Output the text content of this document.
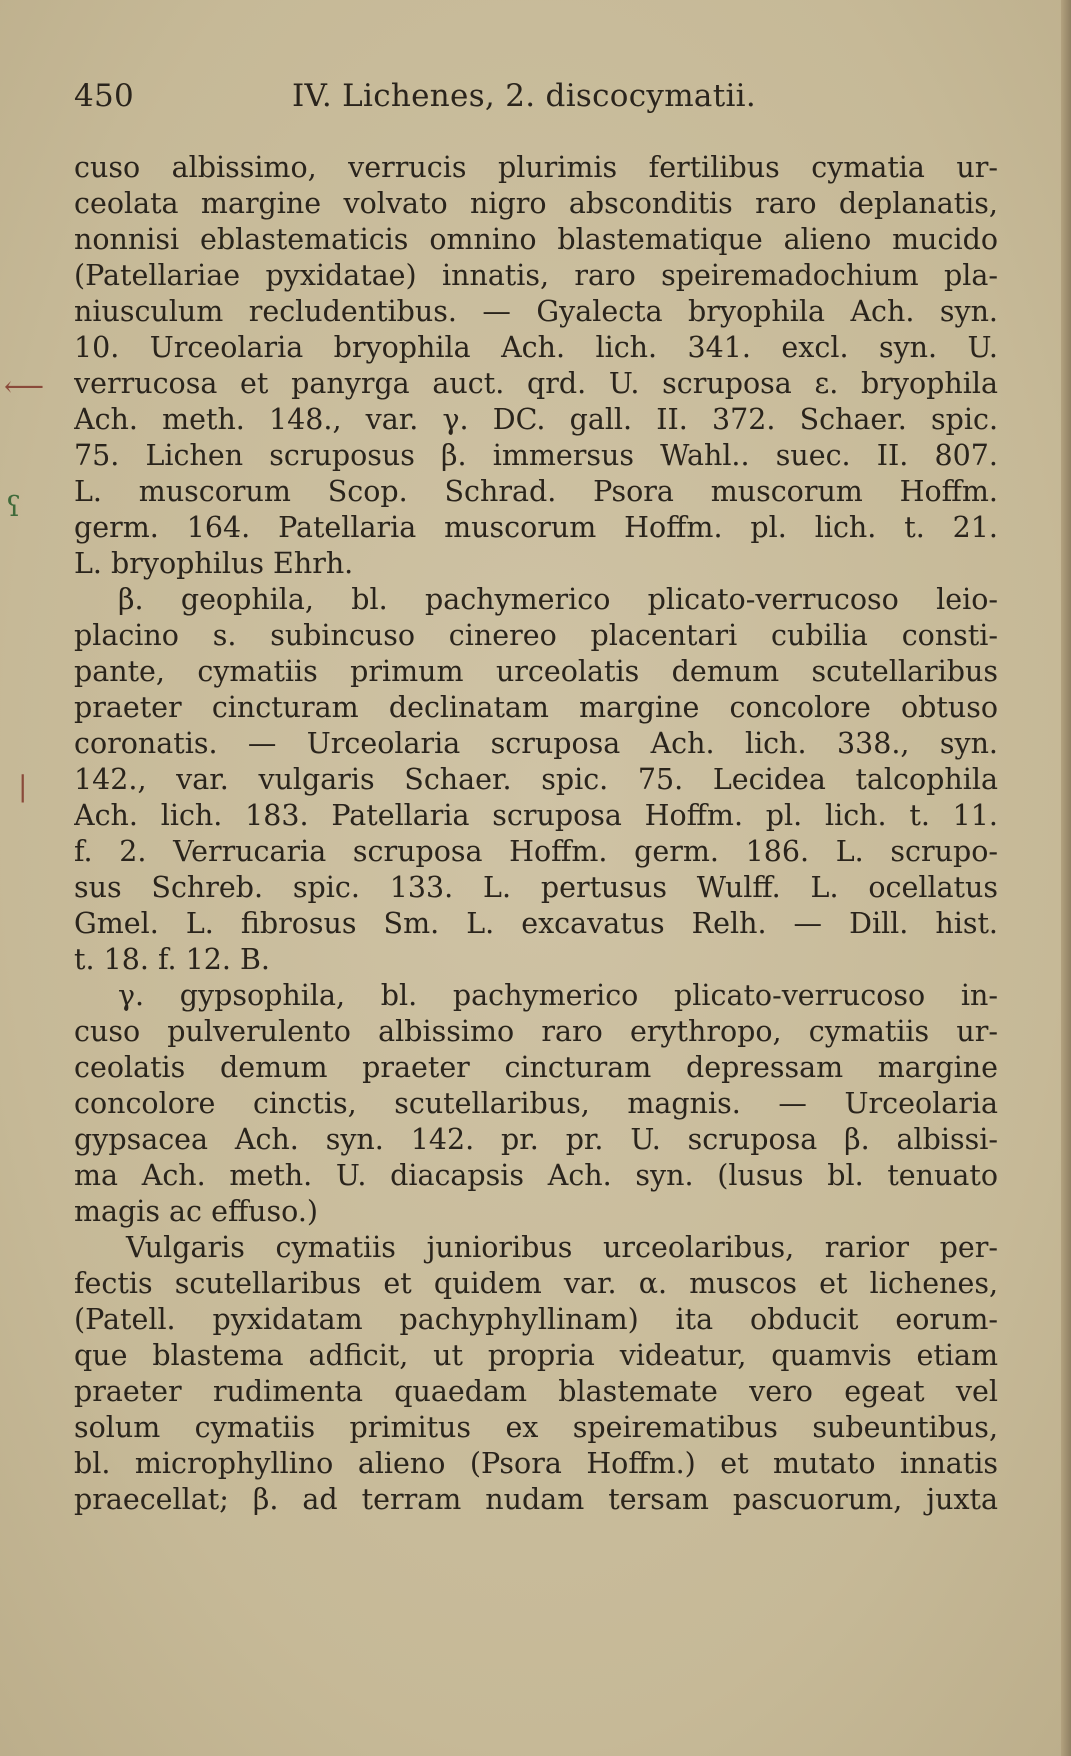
450	IV. Lichenes, 2. discocymatii.
⟵
ʕ
|
cuso albissimo, verrucis plurimis fertilibus cymatia ur-
ceolata margine volvato nigro absconditis raro deplanatis,
nonnisi eblastematicis omnino blastematique alieno mucido
(Patellariae pyxidatae) innatis, raro speiremadochium pla-
niusculum recludentibus. — Gyalecta bryophila Ach. syn.
10. Urceolaria bryophila Ach. lich. 341. excl. syn. U.
verrucosa et panyrga auct. qrd. U. scruposa ε. bryophila
Ach. meth. 148., var. γ. DC. gall. II. 372. Schaer. spic.
75. Lichen scruposus β. immersus Wahl.. suec. II. 807.
L. muscorum Scop. Schrad. Psora muscorum Hoffm.
germ. 164. Patellaria muscorum Hoffm. pl. lich. t. 21.
L. bryophilus Ehrh.
β. geophila, bl. pachymerico plicato-verrucoso leio-
placino s. subincuso cinereo placentari cubilia consti-
pante, cymatiis primum urceolatis demum scutellaribus
praeter cincturam declinatam margine concolore obtuso
coronatis. — Urceolaria scruposa Ach. lich. 338., syn.
142., var. vulgaris Schaer. spic. 75. Lecidea talcophila
Ach. lich. 183. Patellaria scruposa Hoffm. pl. lich. t. 11.
f. 2. Verrucaria scruposa Hoffm. germ. 186. L. scrupo-
sus Schreb. spic. 133. L. pertusus Wulff. L. ocellatus
Gmel. L. fibrosus Sm. L. excavatus Relh. — Dill. hist.
t. 18. f. 12. B.
γ. gypsophila, bl. pachymerico plicato-verrucoso in-
cuso pulverulento albissimo raro erythropo, cymatiis ur-
ceolatis demum praeter cincturam depressam margine
concolore cinctis, scutellaribus, magnis. — Urceolaria
gypsacea Ach. syn. 142. pr. pr. U. scruposa β. albissi-
ma Ach. meth. U. diacapsis Ach. syn. (lusus bl. tenuato
magis ac effuso.)
Vulgaris cymatiis junioribus urceolaribus, rarior per-
fectis scutellaribus et quidem var. α. muscos et lichenes,
(Patell. pyxidatam pachyphyllinam) ita obducit eorum-
que blastema adficit, ut propria videatur, quamvis etiam
praeter rudimenta quaedam blastemate vero egeat vel
solum cymatiis primitus ex speirematibus subeuntibus,
bl. microphyllino alieno (Psora Hoffm.) et mutato innatis
praecellat; β. ad terram nudam tersam pascuorum, juxta
